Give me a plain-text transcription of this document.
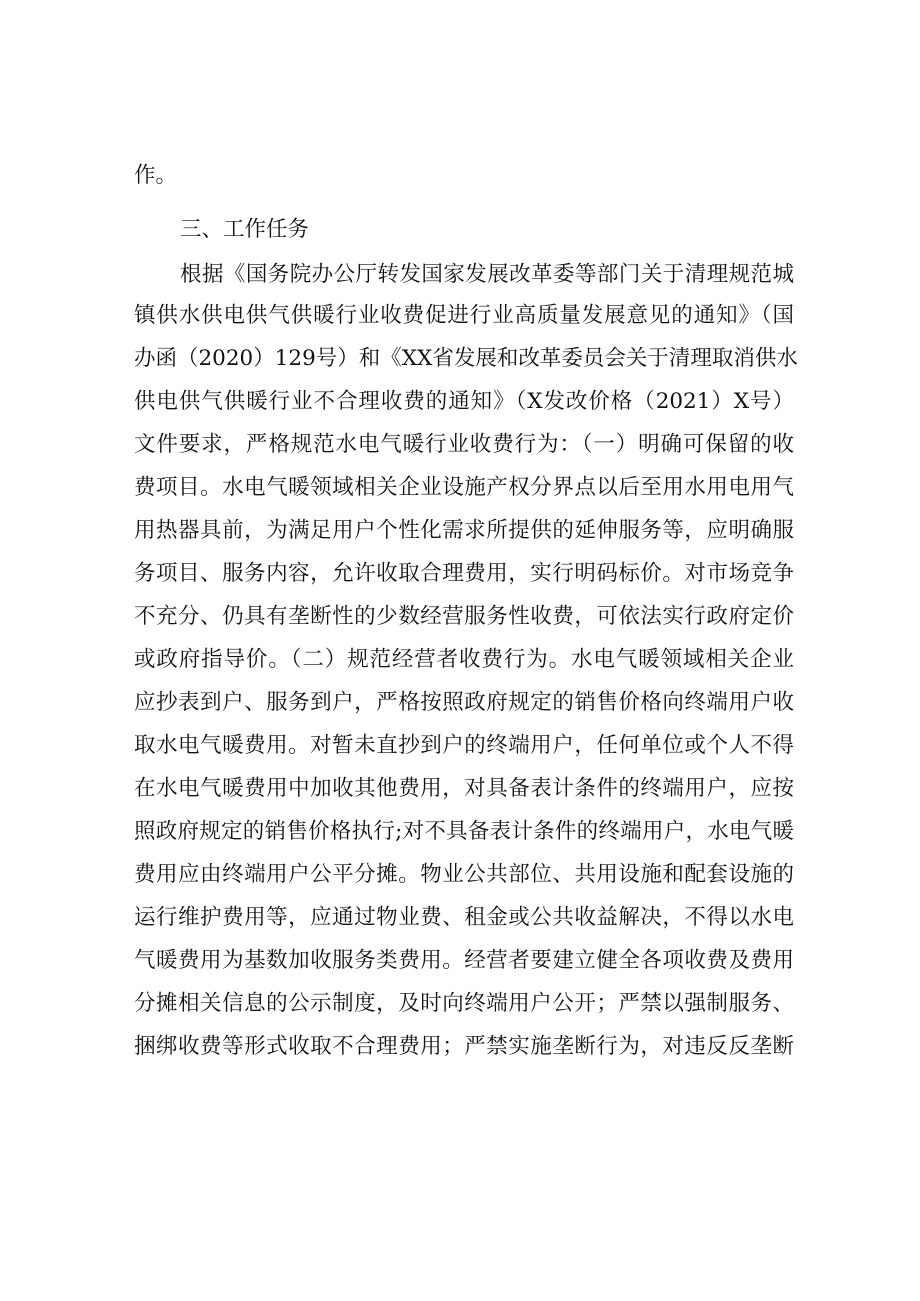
作。
三、工作任务
根据《国务院办公厅转发国家发展改革委等部门关于清理规范城
镇供水供电供气供暖行业收费促进行业高质量发展意见的通知》（国
办函（2020）129号）和《XX省发展和改革委员会关于清理取消供水
供电供气供暖行业不合理收费的通知》（X发改价格（2021）X号）
文件要求，严格规范水电气暖行业收费行为：（一）明确可保留的收
费项目。水电气暖领域相关企业设施产权分界点以后至用水用电用气
用热器具前，为满足用户个性化需求所提供的延伸服务等，应明确服
务项目、服务内容，允许收取合理费用，实行明码标价。对市场竞争
不充分、仍具有垄断性的少数经营服务性收费，可依法实行政府定价
或政府指导价。（二）规范经营者收费行为。水电气暖领域相关企业
应抄表到户、服务到户，严格按照政府规定的销售价格向终端用户收
取水电气暖费用。对暂未直抄到户的终端用户，任何单位或个人不得
在水电气暖费用中加收其他费用，对具备表计条件的终端用户，应按
照政府规定的销售价格执行;对不具备表计条件的终端用户，水电气暖
费用应由终端用户公平分摊。物业公共部位、共用设施和配套设施的
运行维护费用等，应通过物业费、租金或公共收益解决，不得以水电
气暖费用为基数加收服务类费用。经营者要建立健全各项收费及费用
分摊相关信息的公示制度，及时向终端用户公开；严禁以强制服务、
捆绑收费等形式收取不合理费用；严禁实施垄断行为，对违反反垄断
